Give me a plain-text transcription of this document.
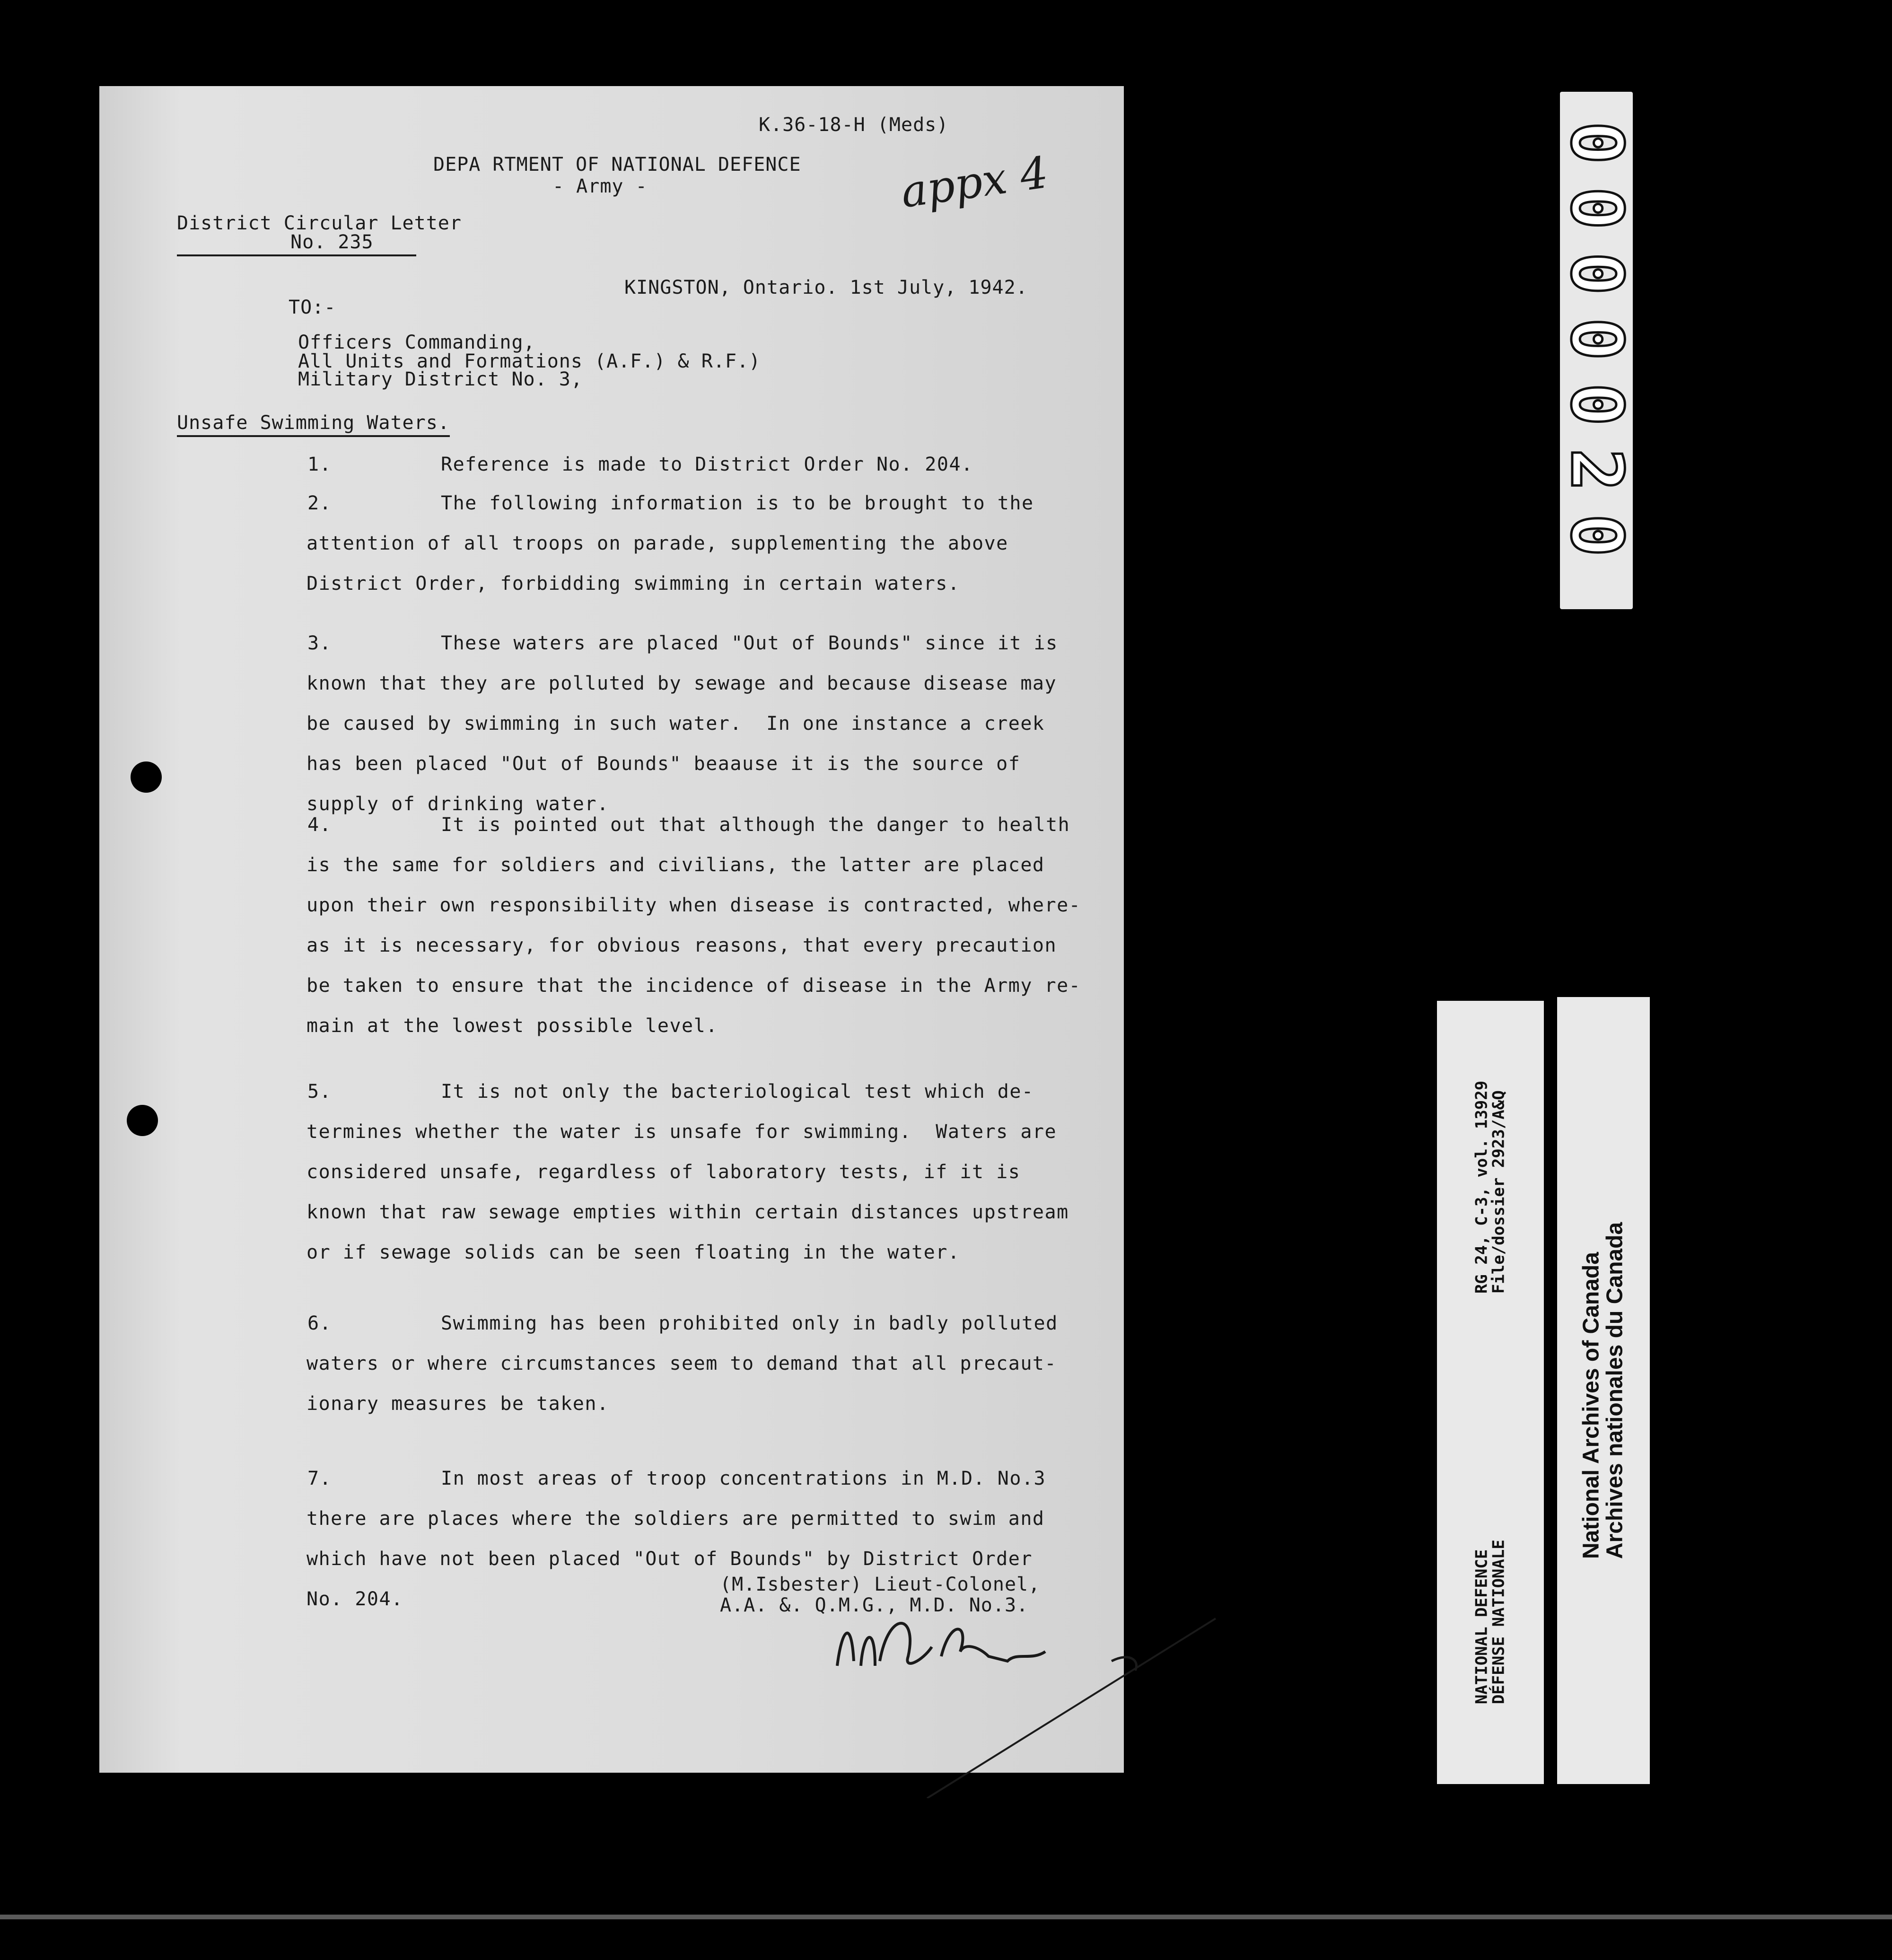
K.36-18-H (Meds)
DEPA RTMENT OF NATIONAL DEFENCE
- Army -	appx 4
District Circular Letter
No. 235
KINGSTON, Ontario. 1st July, 1942.
TO:-
Officers Commanding,
All Units and Formations (A.F.) & R.F.)
Military District No. 3,
Unsafe Swimming Waters.
1.	Reference is made to District Order No. 204.
2.	The following information is to be brought to the
attention of all troops on parade, supplementing the above
District Order, forbidding swimming in certain waters.
3.	These waters are placed "Out of Bounds" since it is
known that they are polluted by sewage and because disease may
be caused by swimming in such water.  In one instance a creek
has been placed "Out of Bounds" beaause it is the source of
supply of drinking water.
4.	It is pointed out that although the danger to health
is the same for soldiers and civilians, the latter are placed
upon their own responsibility when disease is contracted, where-
as it is necessary, for obvious reasons, that every precaution
be taken to ensure that the incidence of disease in the Army re-
main at the lowest possible level.
5.	It is not only the bacteriological test which de-
termines whether the water is unsafe for swimming.  Waters are
considered unsafe, regardless of laboratory tests, if it is
known that raw sewage empties within certain distances upstream
or if sewage solids can be seen floating in the water.
6.	Swimming has been prohibited only in badly polluted
waters or where circumstances seem to demand that all precaut-
ionary measures be taken.
7.	In most areas of troop concentrations in M.D. No.3
there are places where the soldiers are permitted to swim and
which have not been placed "Out of Bounds" by District Order
No. 204.
(M.Isbester) Lieut-Colonel,
A.A. &. Q.M.G., M.D. No.3.
0000020
NATIONAL DEFENCE
DÉFENSE NATIONALE
RG 24, C-3, vol. 13929
File/dossier 2923/A&Q
National Archives of Canada
Archives nationales du Canada
